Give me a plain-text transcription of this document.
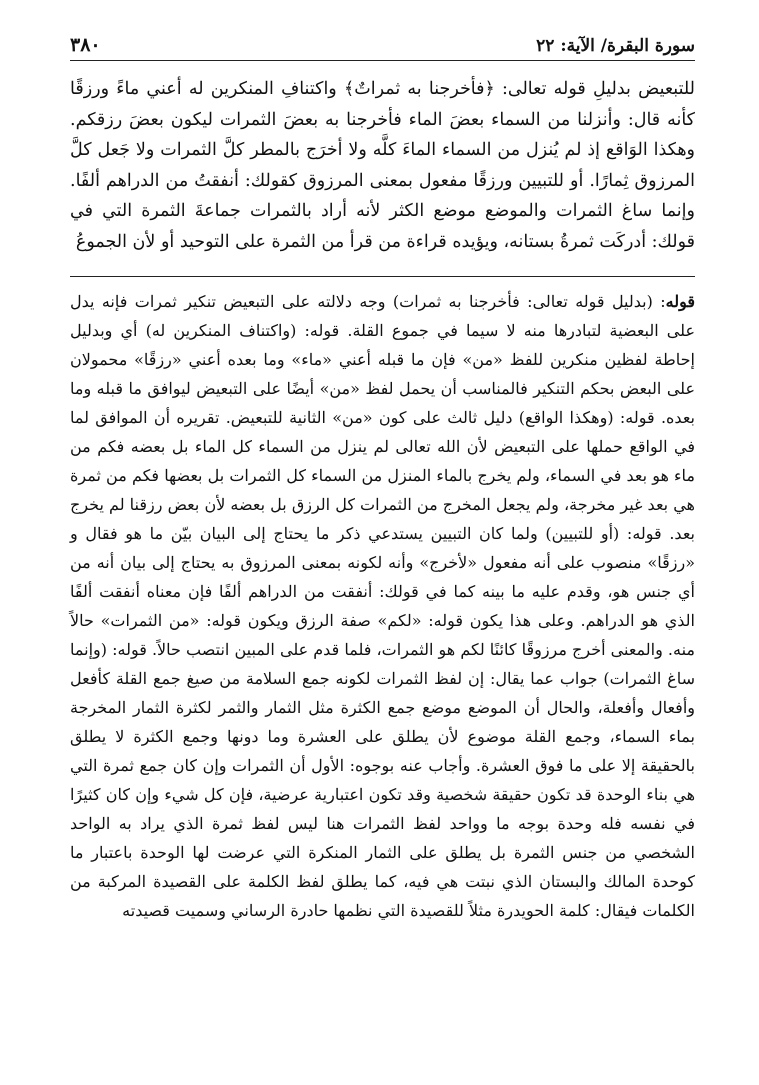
سورة البقرة/ الآية: ٢٢
٣٨٠

للتبعيض بدليلِ قوله تعالى: ﴿فأخرجنا به ثمراتٌ﴾ واكتنافِ المنكرين له أعني ماءً ورزقًا كأنه قال: وأنزلنا من السماء بعضَ الماء فأخرجنا به بعضَ الثمرات ليكون بعضَ رزقكم. وهكذا الوَاقع إذ لم يُنزل من السماء الماءَ كلَّه ولا أخرَج بالمطر كلَّ الثمرات ولا جَعل كلَّ المرزوق ثِمارًا. أو للتبيين ورزقًا مفعول بمعنى المرزوق كقولك: أنفقتُ من الدراهم ألفًا. وإنما ساغ الثمرات والموضع موضع الكثر لأنه أراد بالثمرات جماعةَ الثمرة التي في قولك: أدركَت ثمرةُ بستانه، ويؤيده قراءة من قرأ من الثمرة على التوحيد أو لأن الجموعُ

قوله: (بدليل قوله تعالى: فأخرجنا به ثمرات) وجه دلالته على التبعيض تنكير ثمرات فإنه يدل على البعضية لتبادرها منه لا سيما في جموع القلة. قوله: (واكتناف المنكرين له) أي وبدليل إحاطة لفظين منكرين للفظ «من» فإن ما قبله أعني «ماء» وما بعده أعني «رزقًا» محمولان على البعض بحكم التنكير فالمناسب أن يحمل لفظ «من» أيضًا على التبعيض ليوافق ما قبله وما بعده. قوله: (وهكذا الواقع) دليل ثالث على كون «من» الثانية للتبعيض. تقريره أن الموافق لما في الواقع حملها على التبعيض لأن الله تعالى لم ينزل من السماء كل الماء بل بعضه فكم من ماء هو بعد في السماء، ولم يخرج بالماء المنزل من السماء كل الثمرات بل بعضها فكم من ثمرة هي بعد غير مخرجة، ولم يجعل المخرج من الثمرات كل الرزق بل بعضه لأن بعض رزقنا لم يخرج بعد. قوله: (أو للتبيين) ولما كان التبيين يستدعي ذكر ما يحتاج إلى البيان بيّن ما هو فقال و «رزقًا» منصوب على أنه مفعول «لأخرج» وأنه لكونه بمعنى المرزوق به يحتاج إلى بيان أنه من أي جنس هو، وقدم عليه ما بينه كما في قولك: أنفقت من الدراهم ألفًا فإن معناه أنفقت ألفًا الذي هو الدراهم. وعلى هذا يكون قوله: «لكم» صفة الرزق ويكون قوله: «من الثمرات» حالاً منه. والمعنى أخرج مرزوقًا كائنًا لكم هو الثمرات، فلما قدم على المبين انتصب حالاً. قوله: (وإنما ساغ الثمرات) جواب عما يقال: إن لفظ الثمرات لكونه جمع السلامة من صيغ جمع القلة كأفعل وأفعال وأفعلة، والحال أن الموضع موضع جمع الكثرة مثل الثمار والثمر لكثرة الثمار المخرجة بماء السماء، وجمع القلة موضوع لأن يطلق على العشرة وما دونها وجمع الكثرة لا يطلق بالحقيقة إلا على ما فوق العشرة. وأجاب عنه بوجوه: الأول أن الثمرات وإن كان جمع ثمرة التي هي بناء الوحدة قد تكون حقيقة شخصية وقد تكون اعتبارية عرضية، فإن كل شيء وإن كان كثيرًا في نفسه فله وحدة بوجه ما وواحد لفظ الثمرات هنا ليس لفظ ثمرة الذي يراد به الواحد الشخصي من جنس الثمرة بل يطلق على الثمار المنكرة التي عرضت لها الوحدة باعتبار ما كوحدة المالك والبستان الذي نبتت هي فيه، كما يطلق لفظ الكلمة على القصيدة المركبة من الكلمات فيقال: كلمة الحويدرة مثلاً للقصيدة التي نظمها حادرة الرساني وسميت قصيدته
